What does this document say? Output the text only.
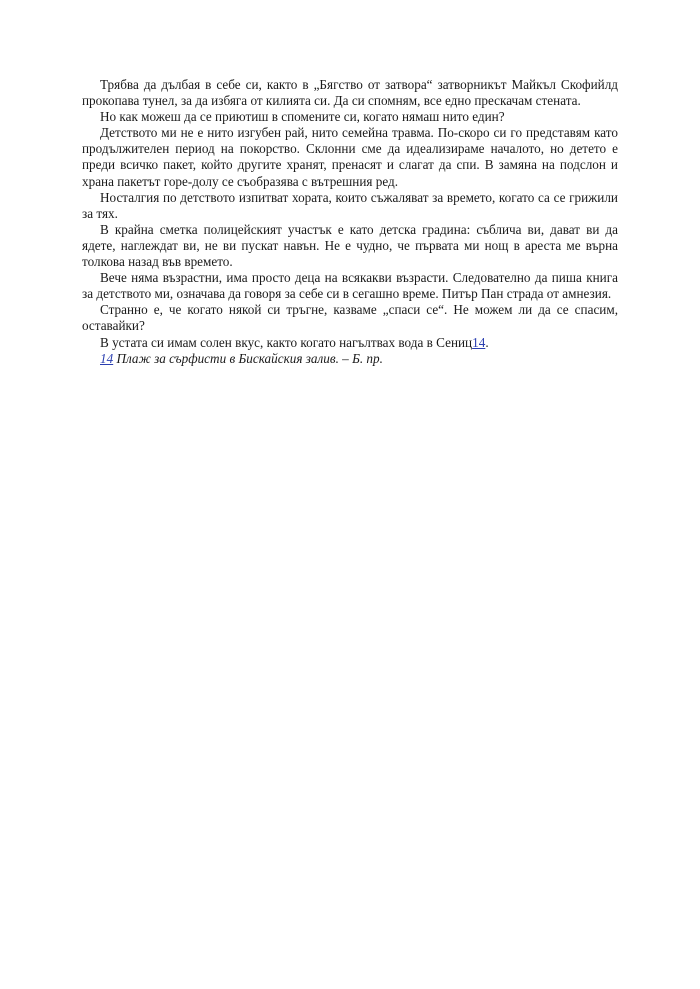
Трябва да дълбая в себе си, както в „Бягство от затвора“ затворникът Майкъл Скофийлд прокопава тунел, за да избяга от килията си. Да си спомням, все едно прескачам стената.

Но как можеш да се приютиш в спомените си, когато нямаш нито един?

Детството ми не е нито изгубен рай, нито семейна травма. По-скоро си го представям като продължителен период на покорство. Склонни сме да идеализираме началото, но детето е преди всичко пакет, който другите хранят, пренасят и слагат да спи. В замяна на подслон и храна пакетът горе-долу се съобразява с вътрешния ред.

Носталгия по детството изпитват хората, които съжаляват за времето, когато са се грижили за тях.

В крайна сметка полицейският участък е като детска градина: съблича ви, дават ви да ядете, наглеждат ви, не ви пускат навън. Не е чудно, че първата ми нощ в ареста ме върна толкова назад във времето.

Вече няма възрастни, има просто деца на всякакви възрасти. Следователно да пиша книга за детството ми, означава да говоря за себе си в сегашно време. Питър Пан страда от амнезия.

Странно е, че когато някой си тръгне, казваме „спаси се“. Не можем ли да се спасим, оставайки?

В устата си имам солен вкус, както когато нагълтвах вода в Сениц14.

14 Плаж за сърфисти в Бискайския залив. – Б. пр.
